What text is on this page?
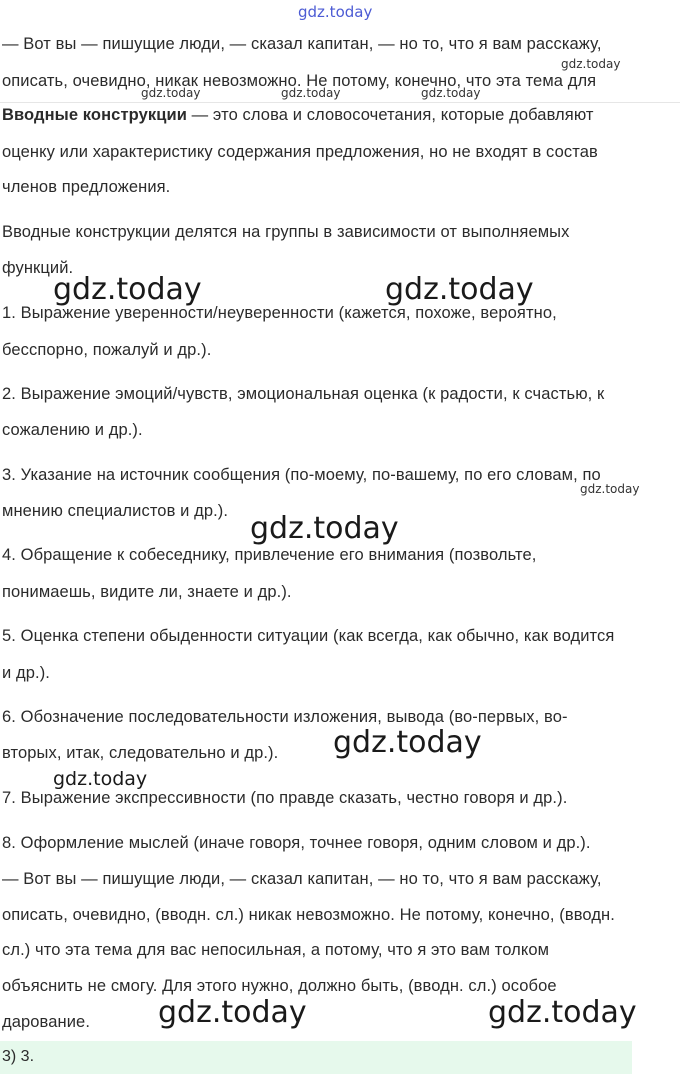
gdz.today

— Вот вы — пишущие люди, — сказал капитан, — но то, что я вам расскажу,

описать, очевидно, никак невозможно. Не потому, конечно, что эта тема для

Вводные конструкции — это слова и словосочетания, которые добавляют

оценку или характеристику содержания предложения, но не входят в состав

членов предложения.

Вводные конструкции делятся на группы в зависимости от выполняемых

функций.

1. Выражение уверенности/неуверенности (кажется, похоже, вероятно,

бесспорно, пожалуй и др.).

2. Выражение эмоций/чувств, эмоциональная оценка (к радости, к счастью, к

сожалению и др.).

3. Указание на источник сообщения (по-моему, по-вашему, по его словам, по

мнению специалистов и др.).

4. Обращение к собеседнику, привлечение его внимания (позвольте,

понимаешь, видите ли, знаете и др.).

5. Оценка степени обыденности ситуации (как всегда, как обычно, как водится

и др.).

6. Обозначение последовательности изложения, вывода (во-первых, во-

вторых, итак, следовательно и др.).

7. Выражение экспрессивности (по правде сказать, честно говоря и др.).

8. Оформление мыслей (иначе говоря, точнее говоря, одним словом и др.).

— Вот вы — пишущие люди, — сказал капитан, — но то, что я вам расскажу,

описать, очевидно, (вводн. сл.) никак невозможно. Не потому, конечно, (вводн.

сл.) что эта тема для вас непосильная, а потому, что я это вам толком

объяснить не смогу. Для этого нужно, должно быть, (вводн. сл.) особое

дарование.

3) 3.
gdz.today
gdz.today	gdz.today	gdz.today
gdz.today	gdz.today
gdz.today
gdz.today
gdz.today
gdz.today
gdz.today	gdz.today
